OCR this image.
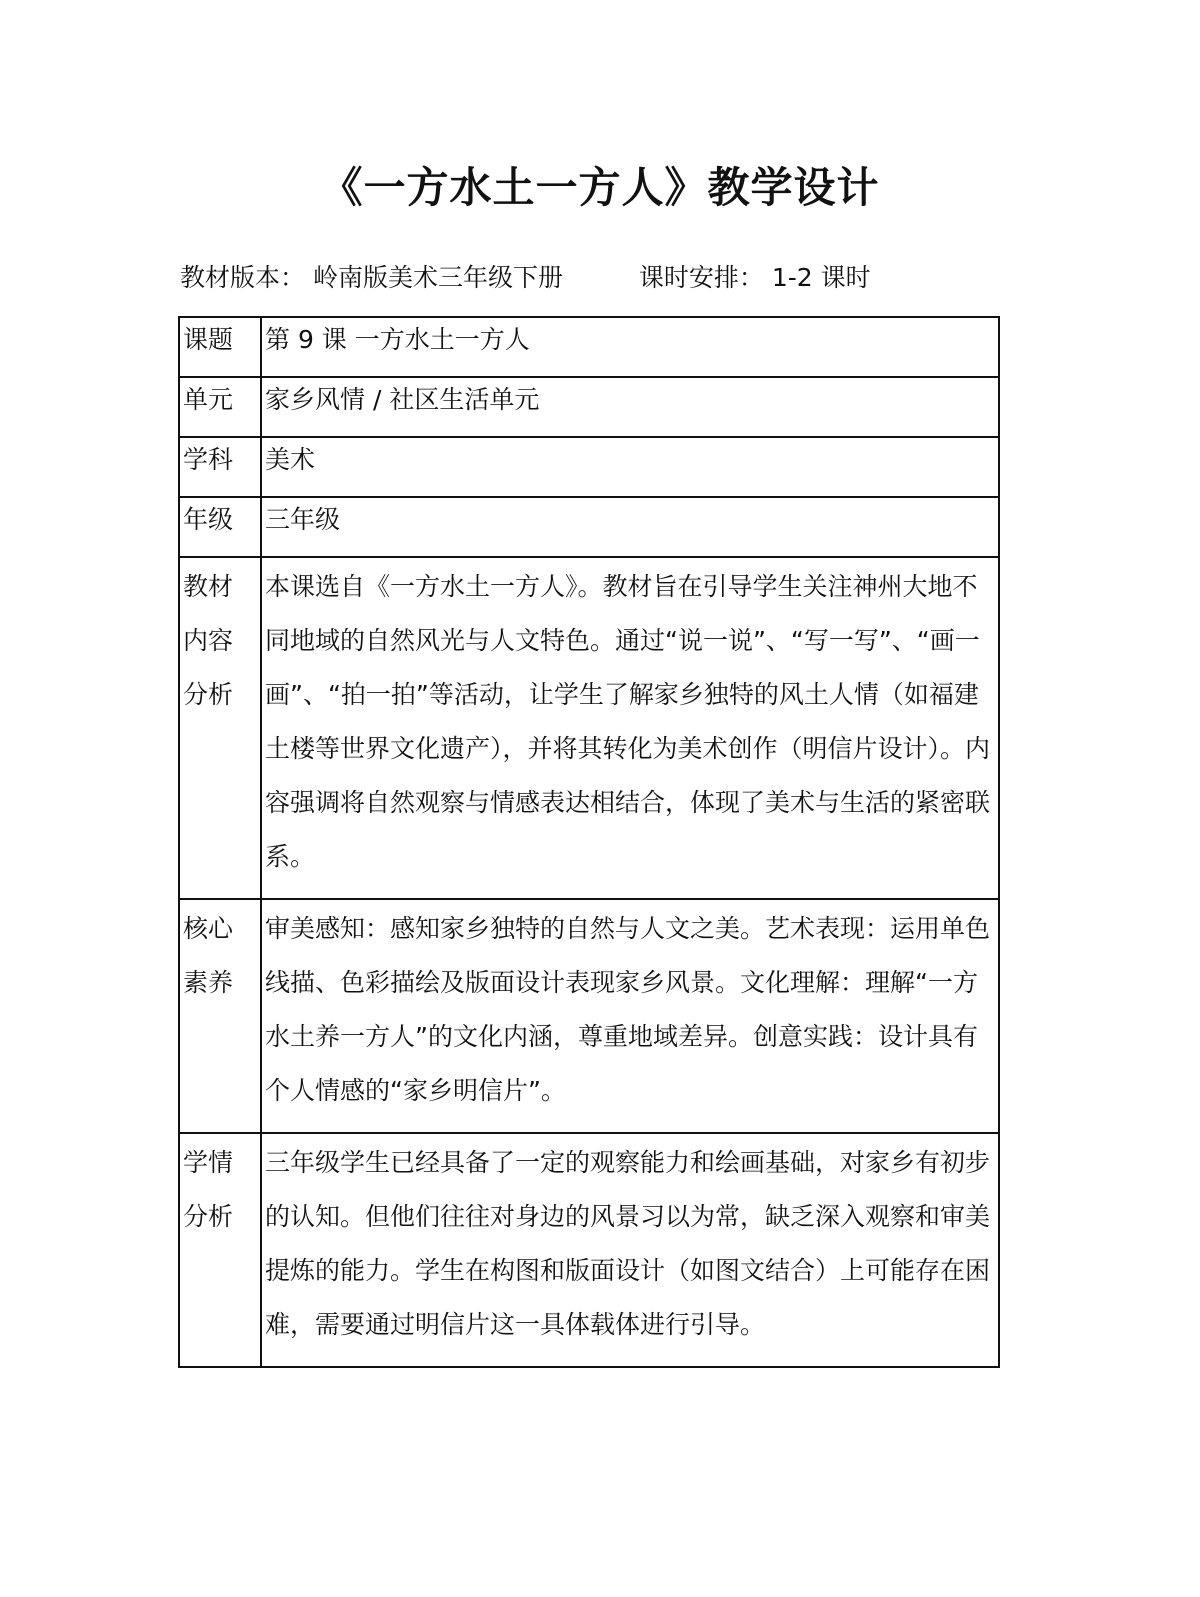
《一方水土一方人》教学设计
教材版本： 岭南版美术三年级下册	课时安排： 1-2 课时
课题	第 9 课 一方水土一方人
单元	家乡风情 / 社区生活单元
学科	美术
年级	三年级
教材内容分析	本课选自《一方水土一方人》。教材旨在引导学生关注神州大地不同地域的自然风光与人文特色。通过“说一说”、“写一写”、“画一画”、“拍一拍”等活动，让学生了解家乡独特的风土人情（如福建土楼等世界文化遗产），并将其转化为美术创作（明信片设计）。内容强调将自然观察与情感表达相结合，体现了美术与生活的紧密联系。
核心素养	审美感知：感知家乡独特的自然与人文之美。艺术表现：运用单色线描、色彩描绘及版面设计表现家乡风景。文化理解：理解“一方水土养一方人”的文化内涵，尊重地域差异。创意实践：设计具有个人情感的“家乡明信片”。
学情分析	三年级学生已经具备了一定的观察能力和绘画基础，对家乡有初步的认知。但他们往往对身边的风景习以为常，缺乏深入观察和审美提炼的能力。学生在构图和版面设计（如图文结合）上可能存在困难，需要通过明信片这一具体载体进行引导。
